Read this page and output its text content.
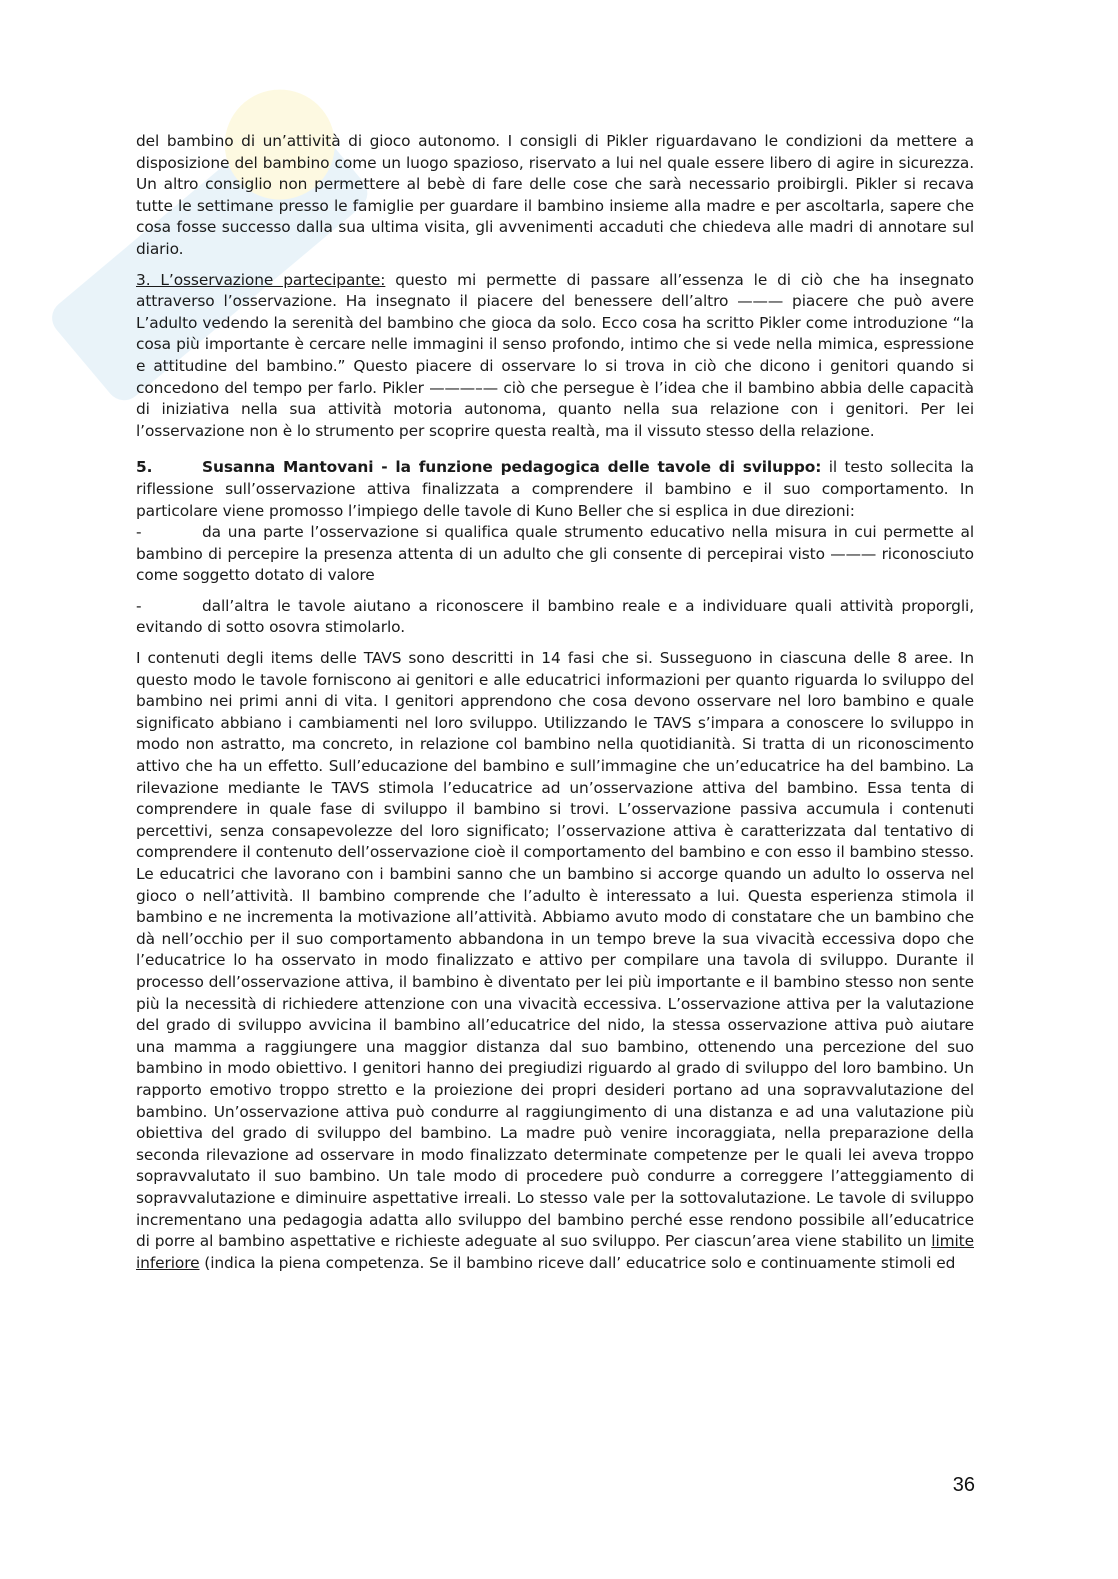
del bambino di un’attività di gioco autonomo. I consigli di Pikler riguardavano le condizioni da mettere a disposizione del bambino come un luogo spazioso, riservato a lui nel quale essere libero di agire in sicurezza. Un altro consiglio non permettere al bebè di fare delle cose che sarà necessario proibirgli. Pikler si recava tutte le settimane presso le famiglie per guardare il bambino insieme alla madre e per ascoltarla, sapere che cosa fosse successo dalla sua ultima visita, gli avvenimenti accaduti che chiedeva alle madri di annotare sul diario.

3. L’osservazione partecipante: questo mi permette di passare all’essenza le di ciò che ha insegnato attraverso l’osservazione. Ha insegnato il piacere del benessere dell’altro ——— piacere che può avere L’adulto vedendo la serenità del bambino che gioca da solo. Ecco cosa ha scritto Pikler come introduzione “la cosa più importante è cercare nelle immagini il senso profondo, intimo che si vede nella mimica, espressione e attitudine del bambino.” Questo piacere di osservare lo si trova in ciò che dicono i genitori quando si concedono del tempo per farlo. Pikler ———–— ciò che persegue è l’idea che il bambino abbia delle capacità di iniziativa nella sua attività motoria autonoma, quanto nella sua relazione con i genitori. Per lei l’osservazione non è lo strumento per scoprire questa realtà, ma il vissuto stesso della relazione.

5.	Susanna Mantovani - la funzione pedagogica delle tavole di sviluppo: il testo sollecita la riflessione sull’osservazione attiva finalizzata a comprendere il bambino e il suo comportamento. In particolare viene promosso l’impiego delle tavole di Kuno Beller che si esplica in due direzioni:

-	da una parte l’osservazione si qualifica quale strumento educativo nella misura in cui permette al bambino di percepire la presenza attenta di un adulto che gli consente di percepirai visto ——— riconosciuto come soggetto dotato di valore

-	dall’altra le tavole aiutano a riconoscere il bambino reale e a individuare quali attività proporgli, evitando di sotto osovra stimolarlo.

I contenuti degli items delle TAVS sono descritti in 14 fasi che si. Susseguono in ciascuna delle 8 aree. In questo modo le tavole forniscono ai genitori e alle educatrici informazioni per quanto riguarda lo sviluppo del bambino nei primi anni di vita. I genitori apprendono che cosa devono osservare nel loro bambino e quale significato abbiano i cambiamenti nel loro sviluppo. Utilizzando le TAVS s’impara a conoscere lo sviluppo in modo non astratto, ma concreto, in relazione col bambino nella quotidianità. Si tratta di un riconoscimento attivo che ha un effetto. Sull’educazione del bambino e sull’immagine che un’educatrice ha del bambino. La rilevazione mediante le TAVS stimola l’educatrice ad un’osservazione attiva del bambino. Essa tenta di comprendere in quale fase di sviluppo il bambino si trovi. L’osservazione passiva accumula i contenuti percettivi, senza consapevolezze del loro significato; l’osservazione attiva è caratterizzata dal tentativo di comprendere il contenuto dell’osservazione cioè il comportamento del bambino e con esso il bambino stesso. Le educatrici che lavorano con i bambini sanno che un bambino si accorge quando un adulto lo osserva nel gioco o nell’attività. Il bambino comprende che l’adulto è interessato a lui. Questa esperienza stimola il bambino e ne incrementa la motivazione all’attività. Abbiamo avuto modo di constatare che un bambino che dà nell’occhio per il suo comportamento abbandona in un tempo breve la sua vivacità eccessiva dopo che l’educatrice lo ha osservato in modo finalizzato e attivo per compilare una tavola di sviluppo. Durante il processo dell’osservazione attiva, il bambino è diventato per lei più importante e il bambino stesso non sente più la necessità di richiedere attenzione con una vivacità eccessiva. L’osservazione attiva per la valutazione del grado di sviluppo avvicina il bambino all’educatrice del nido, la stessa osservazione attiva può aiutare una mamma a raggiungere una maggior distanza dal suo bambino, ottenendo una percezione del suo bambino in modo obiettivo. I genitori hanno dei pregiudizi riguardo al grado di sviluppo del loro bambino. Un rapporto emotivo troppo stretto e la proiezione dei propri desideri portano ad una sopravvalutazione del bambino. Un’osservazione attiva può condurre al raggiungimento di una distanza e ad una valutazione più obiettiva del grado di sviluppo del bambino. La madre può venire incoraggiata, nella preparazione della seconda rilevazione ad osservare in modo finalizzato determinate competenze per le quali lei aveva troppo sopravvalutato il suo bambino. Un tale modo di procedere può condurre a correggere l’atteggiamento di sopravvalutazione e diminuire aspettative irreali. Lo stesso vale per la sottovalutazione. Le tavole di sviluppo incrementano una pedagogia adatta allo sviluppo del bambino perché esse rendono possibile all’educatrice di porre al bambino aspettative e richieste adeguate al suo sviluppo. Per ciascun’area viene stabilito un limite inferiore (indica la piena competenza. Se il bambino riceve dall’ educatrice solo e continuamente stimoli ed

36
